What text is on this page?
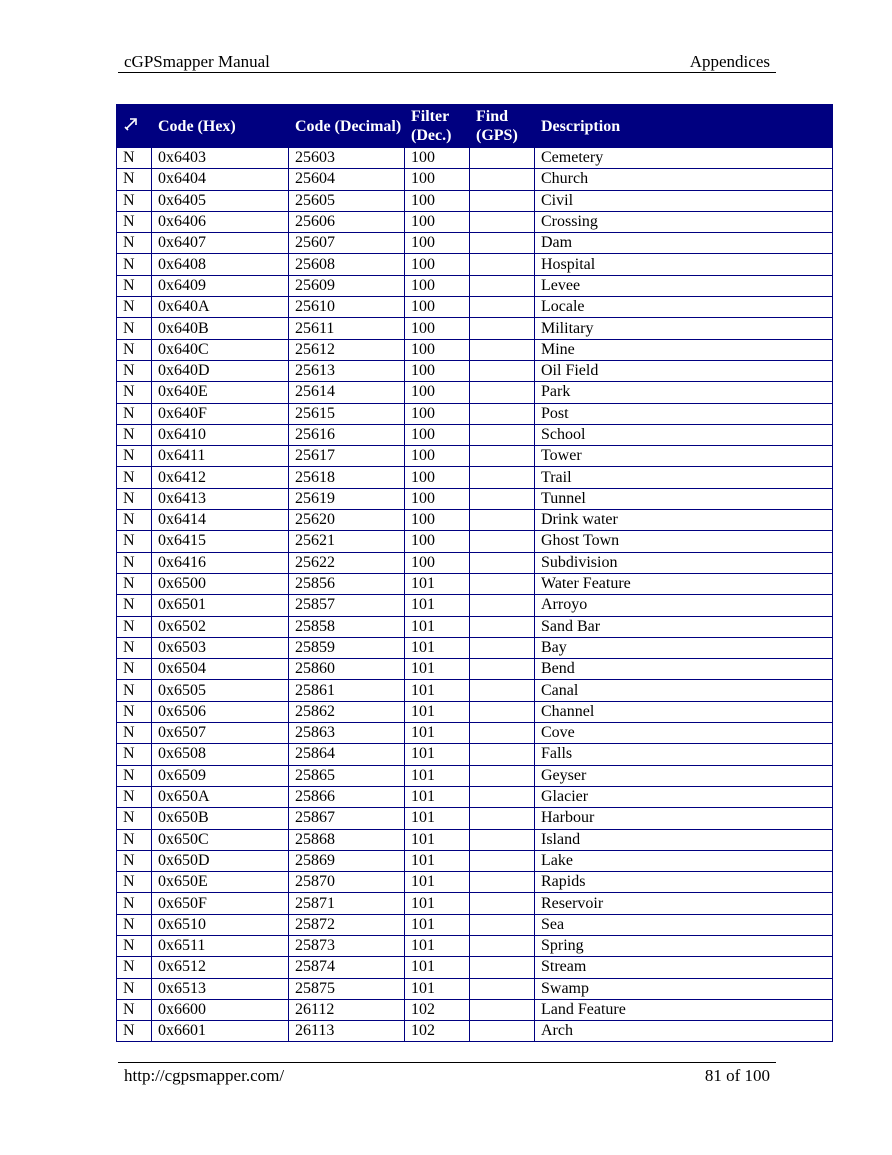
cGPSmapper Manual	Appendices
	Code (Hex)	Code (Decimal)	Filter (Dec.)	Find (GPS)	Description
N	0x6403	25603	100		Cemetery
N	0x6404	25604	100		Church
N	0x6405	25605	100		Civil
N	0x6406	25606	100		Crossing
N	0x6407	25607	100		Dam
N	0x6408	25608	100		Hospital
N	0x6409	25609	100		Levee
N	0x640A	25610	100		Locale
N	0x640B	25611	100		Military
N	0x640C	25612	100		Mine
N	0x640D	25613	100		Oil Field
N	0x640E	25614	100		Park
N	0x640F	25615	100		Post
N	0x6410	25616	100		School
N	0x6411	25617	100		Tower
N	0x6412	25618	100		Trail
N	0x6413	25619	100		Tunnel
N	0x6414	25620	100		Drink water
N	0x6415	25621	100		Ghost Town
N	0x6416	25622	100		Subdivision
N	0x6500	25856	101		Water Feature
N	0x6501	25857	101		Arroyo
N	0x6502	25858	101		Sand Bar
N	0x6503	25859	101		Bay
N	0x6504	25860	101		Bend
N	0x6505	25861	101		Canal
N	0x6506	25862	101		Channel
N	0x6507	25863	101		Cove
N	0x6508	25864	101		Falls
N	0x6509	25865	101		Geyser
N	0x650A	25866	101		Glacier
N	0x650B	25867	101		Harbour
N	0x650C	25868	101		Island
N	0x650D	25869	101		Lake
N	0x650E	25870	101		Rapids
N	0x650F	25871	101		Reservoir
N	0x6510	25872	101		Sea
N	0x6511	25873	101		Spring
N	0x6512	25874	101		Stream
N	0x6513	25875	101		Swamp
N	0x6600	26112	102		Land Feature
N	0x6601	26113	102		Arch
http://cgpsmapper.com/	81 of 100
